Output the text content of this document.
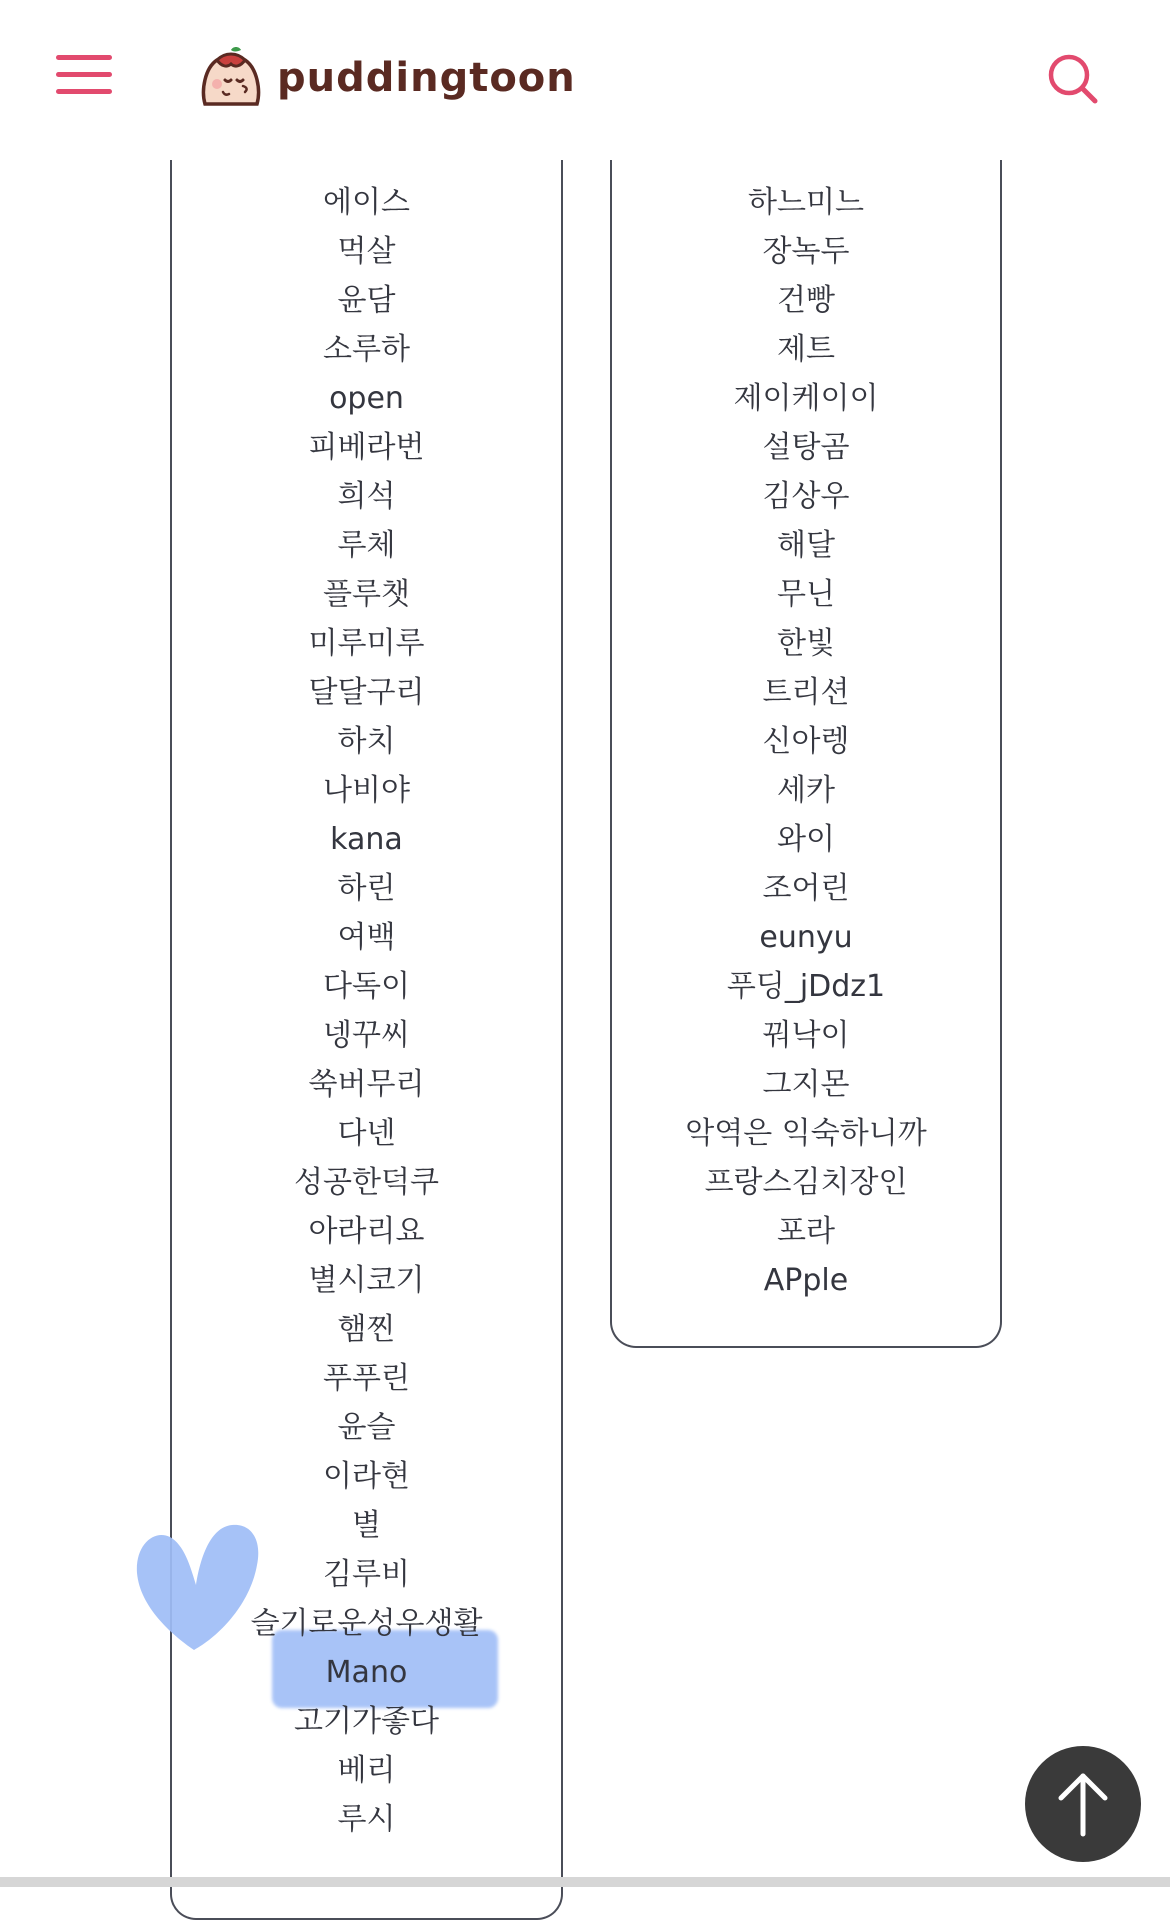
puddingtoon
에이스
먹살
윤담
소루하
open
피베라번
희석
루체
플루챗
미루미루
달달구리
하치
나비야
kana
하린
여백
다독이
넹꾸씨
쑥버무리
다넨
성공한덕쿠
아라리요
별시코기
햄찐
푸푸린
윤슬
이라현
별
김루비
슬기로운성우생활
Mano
고기가좋다
베리
루시
하느미느
장녹두
건빵
제트
제이케이이
설탕곰
김상우
해달
무닌
한빛
트리션
신아렝
세카
와이
조어린
eunyu
푸딩_jDdz1
꿔낙이
그지몬
악역은 익숙하니까
프랑스김치장인
포라
APple
